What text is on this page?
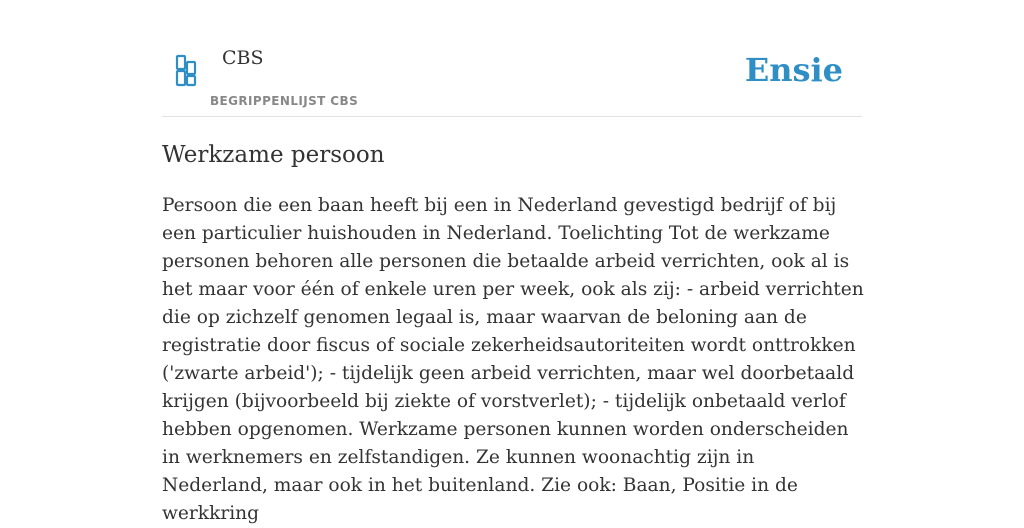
CBS
BEGRIPPENLIJST CBS
Ensie
Werkzame persoon

Persoon die een baan heeft bij een in Nederland gevestigd bedrijf of bij een particulier huishouden in Nederland. Toelichting Tot de werkzame personen behoren alle personen die betaalde arbeid verrichten, ook al is het maar voor één of enkele uren per week, ook als zij: - arbeid verrichten die op zichzelf genomen legaal is, maar waarvan de beloning aan de registratie door fiscus of sociale zekerheidsautoriteiten wordt onttrokken ('zwarte arbeid'); - tijdelijk geen arbeid verrichten, maar wel doorbetaald krijgen (bijvoorbeeld bij ziekte of vorstverlet); - tijdelijk onbetaald verlof hebben opgenomen. Werkzame personen kunnen worden onderscheiden in werknemers en zelfstandigen. Ze kunnen woonachtig zijn in Nederland, maar ook in het buitenland. Zie ook: Baan, Positie in de werkkring
